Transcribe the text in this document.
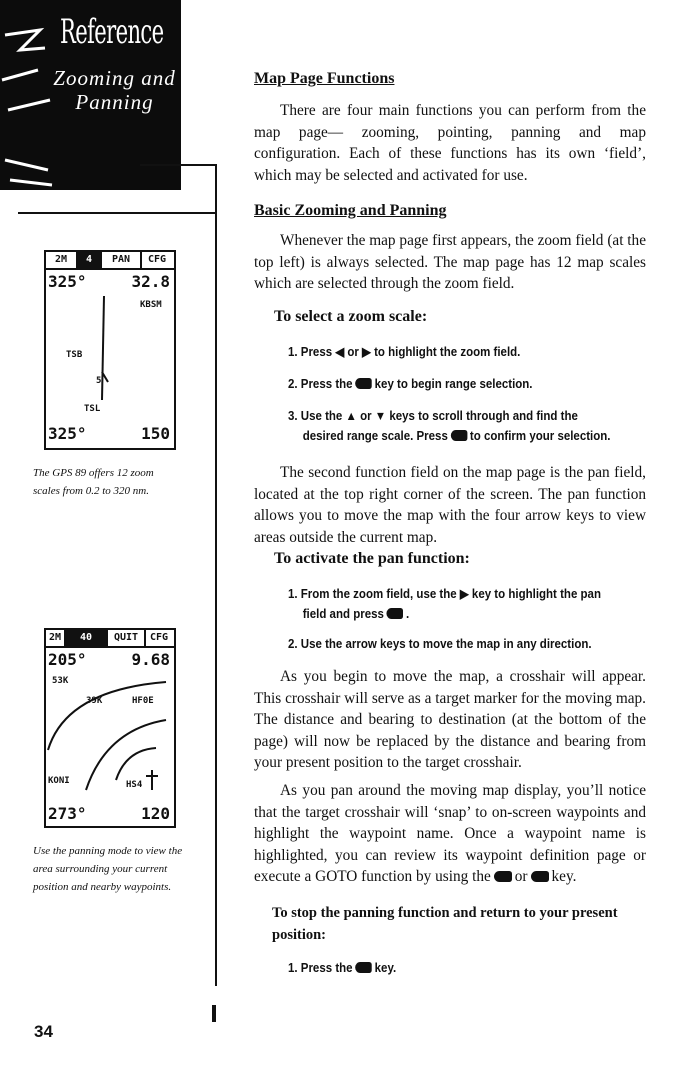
Reference
Zooming and Panning
2M	4	PAN	CFG
325°	32.8
KBSM
TSB
5
TSL
325°	150
The GPS 89 offers 12 zoom scales from 0.2 to 320 nm.
2M	40	QUIT	CFG
205°	9.68
53K
39K	HF0E
KONI	HS4
273°	120
Use the panning mode to view the area surrounding your current position and nearby waypoints.
Map Page Functions

There are four main functions you can perform from the map page— zooming, pointing, panning and map configuration. Each of these functions has its own ‘field’, which may be selected and activated for use.

Basic Zooming and Panning

Whenever the map page first appears, the zoom field (at the top left) is always selected. The map page has 12 map scales which are selected through the zoom field.

To select a zoom scale:
1. Press ◀ or ▶ to highlight the zoom field.
2. Press the key to begin range selection.
3. Use the ▲ or ▼ keys to scroll through and find the
desired range scale. Press to confirm your selection.

The second function field on the map page is the pan field, located at the top right corner of the screen. The pan function allows you to move the map with the four arrow keys to view areas outside the current map.

To activate the pan function:
1. From the zoom field, use the ▶ key to highlight the pan
field and press .
2. Use the arrow keys to move the map in any direction.

As you begin to move the map, a crosshair will appear. This crosshair will serve as a target marker for the moving map. The distance and bearing to destination (at the bottom of the page) will now be replaced by the distance and bearing from your present position to the target crosshair.

As you pan around the moving map display, you’ll notice that the target crosshair will ‘snap’ to on-screen waypoints and highlight the waypoint name. Once a waypoint name is highlighted, you can review its waypoint definition page or execute a GOTO function by using the or key.

To stop the panning function and return to your present position:
1. Press the key.
34
